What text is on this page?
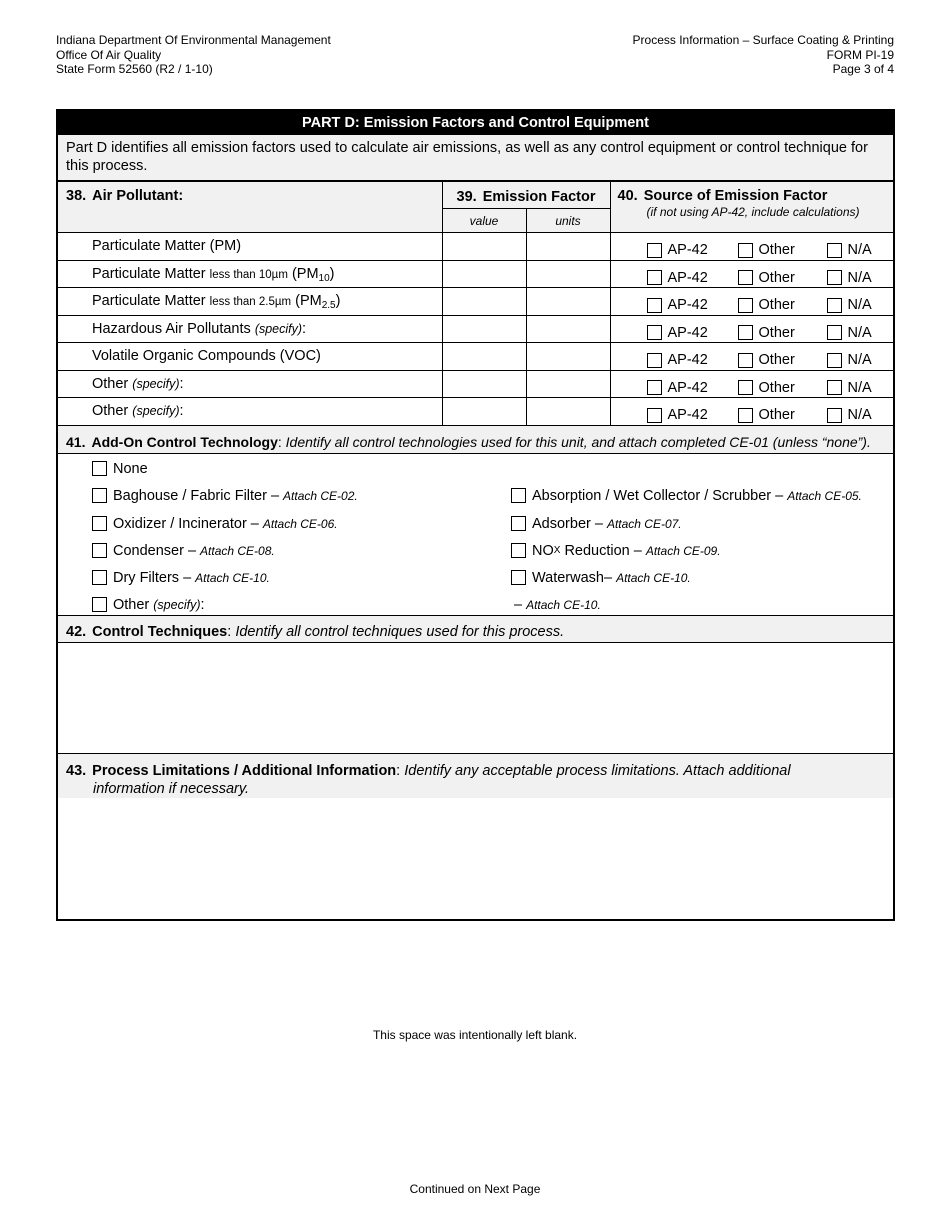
Indiana Department Of Environmental Management
Office Of Air Quality
State Form 52560 (R2 / 1-10)
Process Information – Surface Coating & Printing
FORM PI-19
Page 3 of 4
PART D: Emission Factors and Control Equipment
Part D identifies all emission factors used to calculate air emissions, as well as any control equipment or control technique for this process.
38. Air Pollutant:	39. Emission Factor		40. Source of Emission Factor
(if not using AP-42, include calculations)

	value	units	
Particulate Matter (PM)			AP-42 Other N/A

Particulate Matter less than 10µm $(PM_{10})$			AP-42 Other N/A

Particulate Matter less than 2.5µm $(PM_{2.5})$			AP-42 Other N/A

Hazardous Air Pollutants (specify):			AP-42 Other N/A

Volatile Organic Compounds (VOC)			AP-42 Other N/A

Other (specify):			AP-42 Other N/A

Other (specify):			AP-42 Other N/A
41. Add-On Control Technology: Identify all control technologies used for this unit, and attach completed CE-01 (unless “none”).
None
Baghouse / Fabric Filter – Attach CE-02.
Oxidizer / Incinerator – Attach CE-06.
Condenser – Attach CE-08.
Dry Filters – Attach CE-10.
Other (specify) :
Absorption / Wet Collector / Scrubber – Attach CE-05.
Adsorber – Attach CE-07.
NO X
Reduction – Attach CE-09.
Waterwash– Attach CE-10.
– Attach CE-10.
42. Control Techniques: Identify all control techniques used for this process.
43. Process Limitations / Additional Information: Identify any acceptable process limitations. Attach additional
information if necessary.
This space was intentionally left blank.
Continued on Next Page
